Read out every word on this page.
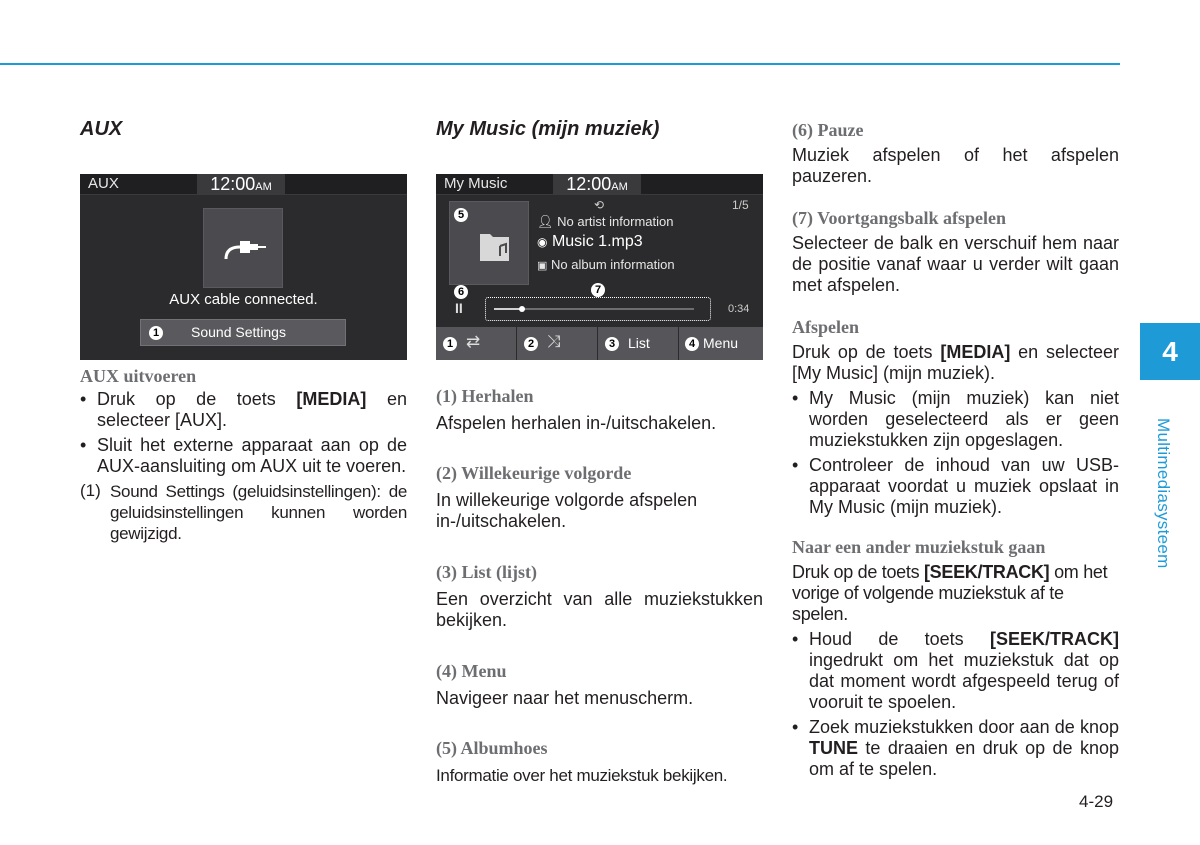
AUX
AUX	12:00AM
AUX cable connected.
1 Sound Settings

AUX uitvoeren

• Druk op de toets [MEDIA] en selecteer [AUX].
• Sluit het externe apparaat aan op de AUX-aansluiting om AUX uit te voeren.
(1) Sound Settings (geluidsinstellingen): de geluidsinstellingen kunnen worden gewijzigd.

My Music (mijn muziek)
My Music	12:00AM
5
⟲	1/5
👤︎ No artist information
◉ Music 1.mp3
▣ No album information
6
II
7
0:34
1 ⇄	2 ⤨	3 List	4 Menu

(1) Herhalen

Afspelen herhalen in-/uitschakelen.

(2) Willekeurige volgorde

In willekeurige volgorde afspelen in-/uitschakelen.

(3) List (lijst)

Een overzicht van alle muziekstukken bekijken.

(4) Menu

Navigeer naar het menuscherm.

(5) Albumhoes

Informatie over het muziekstuk bekijken.

(6) Pauze

Muziek afspelen of het afspelen pauzeren.

(7) Voortgangsbalk afspelen

Selecteer de balk en verschuif hem naar de positie vanaf waar u verder wilt gaan met afspelen.

Afspelen

Druk op de toets [MEDIA] en selecteer [My Music] (mijn muziek).

• My Music (mijn muziek) kan niet worden geselecteerd als er geen muziekstukken zijn opgeslagen.
• Controleer de inhoud van uw USB-apparaat voordat u muziek opslaat in My Music (mijn muziek).

Naar een ander muziekstuk gaan

Druk op de toets [SEEK/TRACK] om het vorige of volgende muziekstuk af te spelen.

• Houd de toets [SEEK/TRACK] ingedrukt om het muziekstuk dat op dat moment wordt afgespeeld terug of vooruit te spoelen.
• Zoek muziekstukken door aan de knop TUNE te draaien en druk op de knop om af te spelen.
4
Multimediasysteem
4-29
